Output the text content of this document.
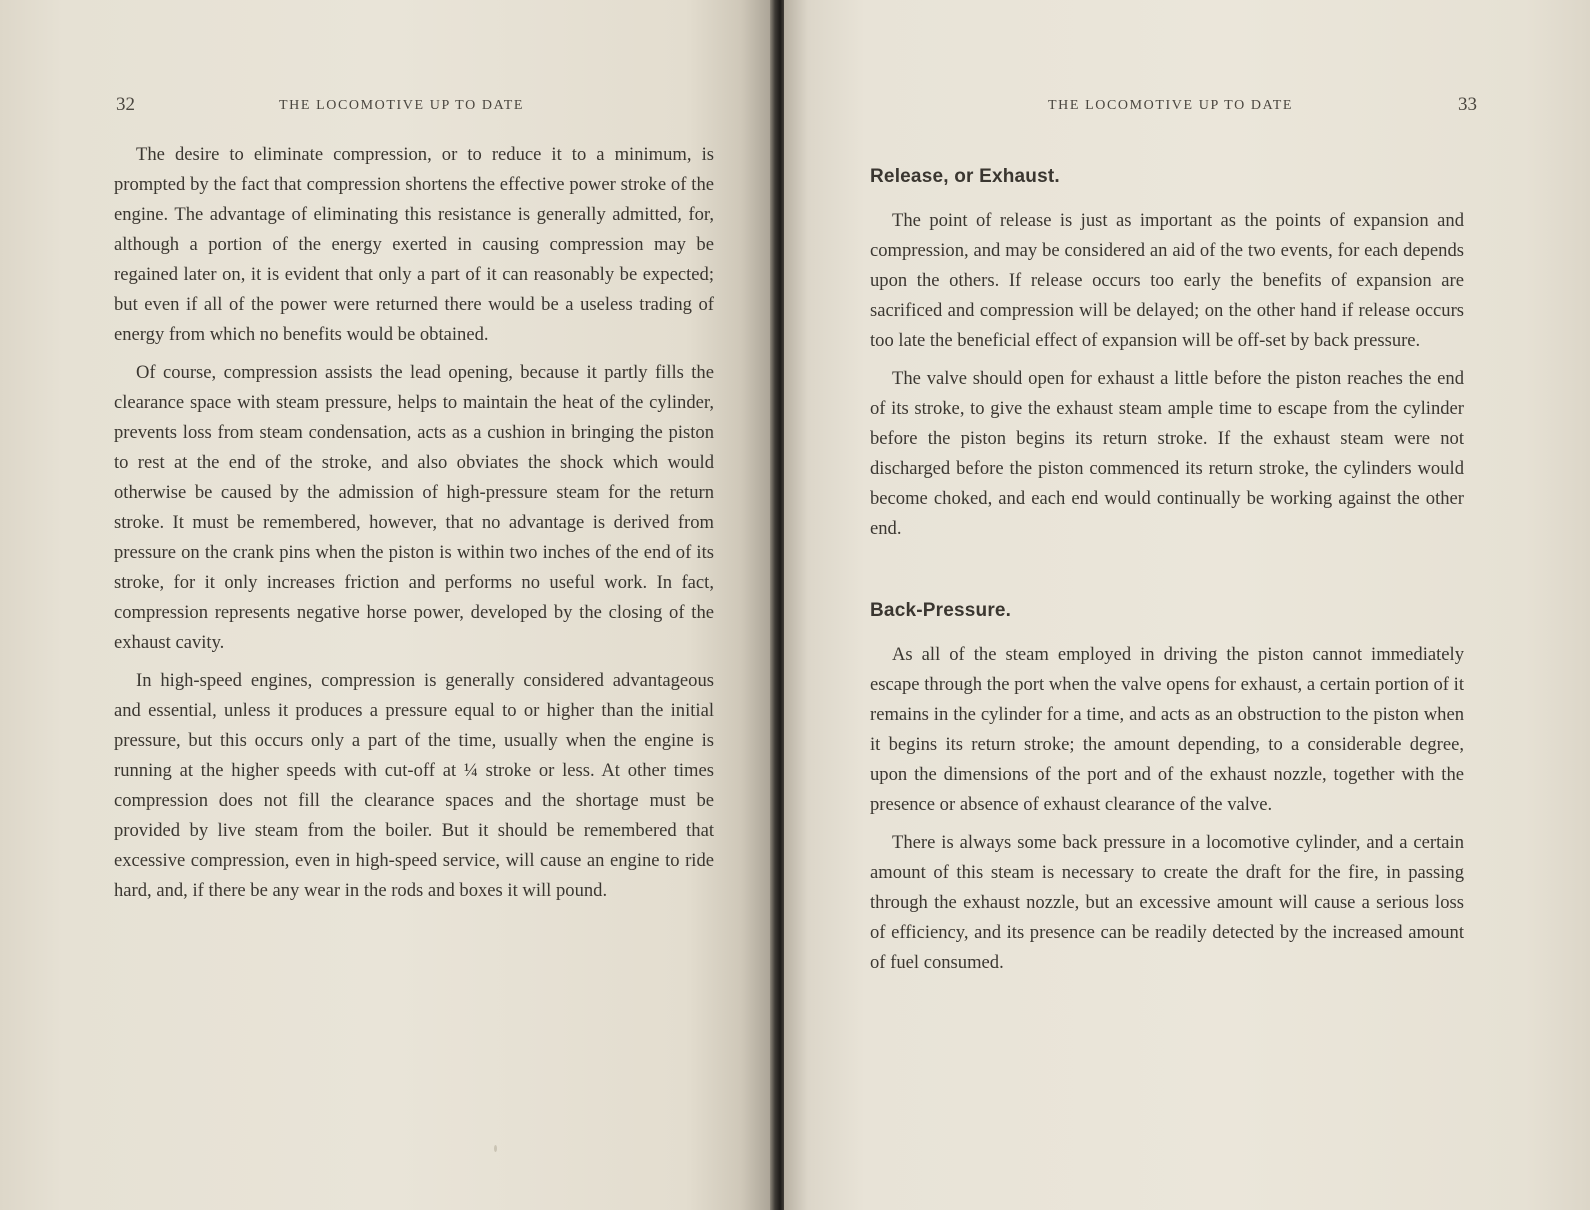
32	THE LOCOMOTIVE UP TO DATE

The desire to eliminate compression, or to reduce it to a minimum, is prompted by the fact that compression shortens the effective power stroke of the engine. The advantage of eliminating this resistance is generally admitted, for, although a portion of the energy exerted in causing compression may be regained later on, it is evident that only a part of it can reasonably be expected; but even if all of the power were returned there would be a useless trading of energy from which no benefits would be obtained.

Of course, compression assists the lead opening, because it partly fills the clearance space with steam pressure, helps to maintain the heat of the cylinder, prevents loss from steam condensation, acts as a cushion in bringing the piston to rest at the end of the stroke, and also obviates the shock which would otherwise be caused by the admission of high-pressure steam for the return stroke. It must be remembered, however, that no advantage is derived from pressure on the crank pins when the piston is within two inches of the end of its stroke, for it only increases friction and performs no useful work. In fact, compression represents negative horse power, developed by the closing of the exhaust cavity.

In high-speed engines, compression is generally considered advantageous and essential, unless it produces a pressure equal to or higher than the initial pressure, but this occurs only a part of the time, usually when the engine is running at the higher speeds with cut-off at ¼ stroke or less. At other times compression does not fill the clearance spaces and the shortage must be provided by live steam from the boiler. But it should be remembered that excessive compression, even in high-speed service, will cause an engine to ride hard, and, if there be any wear in the rods and boxes it will pound.

THE LOCOMOTIVE UP TO DATE	33
Release, or Exhaust.

The point of release is just as important as the points of expansion and compression, and may be considered an aid of the two events, for each depends upon the others. If release occurs too early the benefits of expansion are sacrificed and compression will be delayed; on the other hand if release occurs too late the beneficial effect of expansion will be off-set by back pressure.

The valve should open for exhaust a little before the piston reaches the end of its stroke, to give the exhaust steam ample time to escape from the cylinder before the piston begins its return stroke. If the exhaust steam were not discharged before the piston commenced its return stroke, the cylinders would become choked, and each end would continually be working against the other end.

Back-Pressure.

As all of the steam employed in driving the piston cannot immediately escape through the port when the valve opens for exhaust, a certain portion of it remains in the cylinder for a time, and acts as an obstruction to the piston when it begins its return stroke; the amount depending, to a considerable degree, upon the dimensions of the port and of the exhaust nozzle, together with the presence or absence of exhaust clearance of the valve.

There is always some back pressure in a locomotive cylinder, and a certain amount of this steam is necessary to create the draft for the fire, in passing through the exhaust nozzle, but an excessive amount will cause a serious loss of efficiency, and its presence can be readily detected by the increased amount of fuel consumed.
